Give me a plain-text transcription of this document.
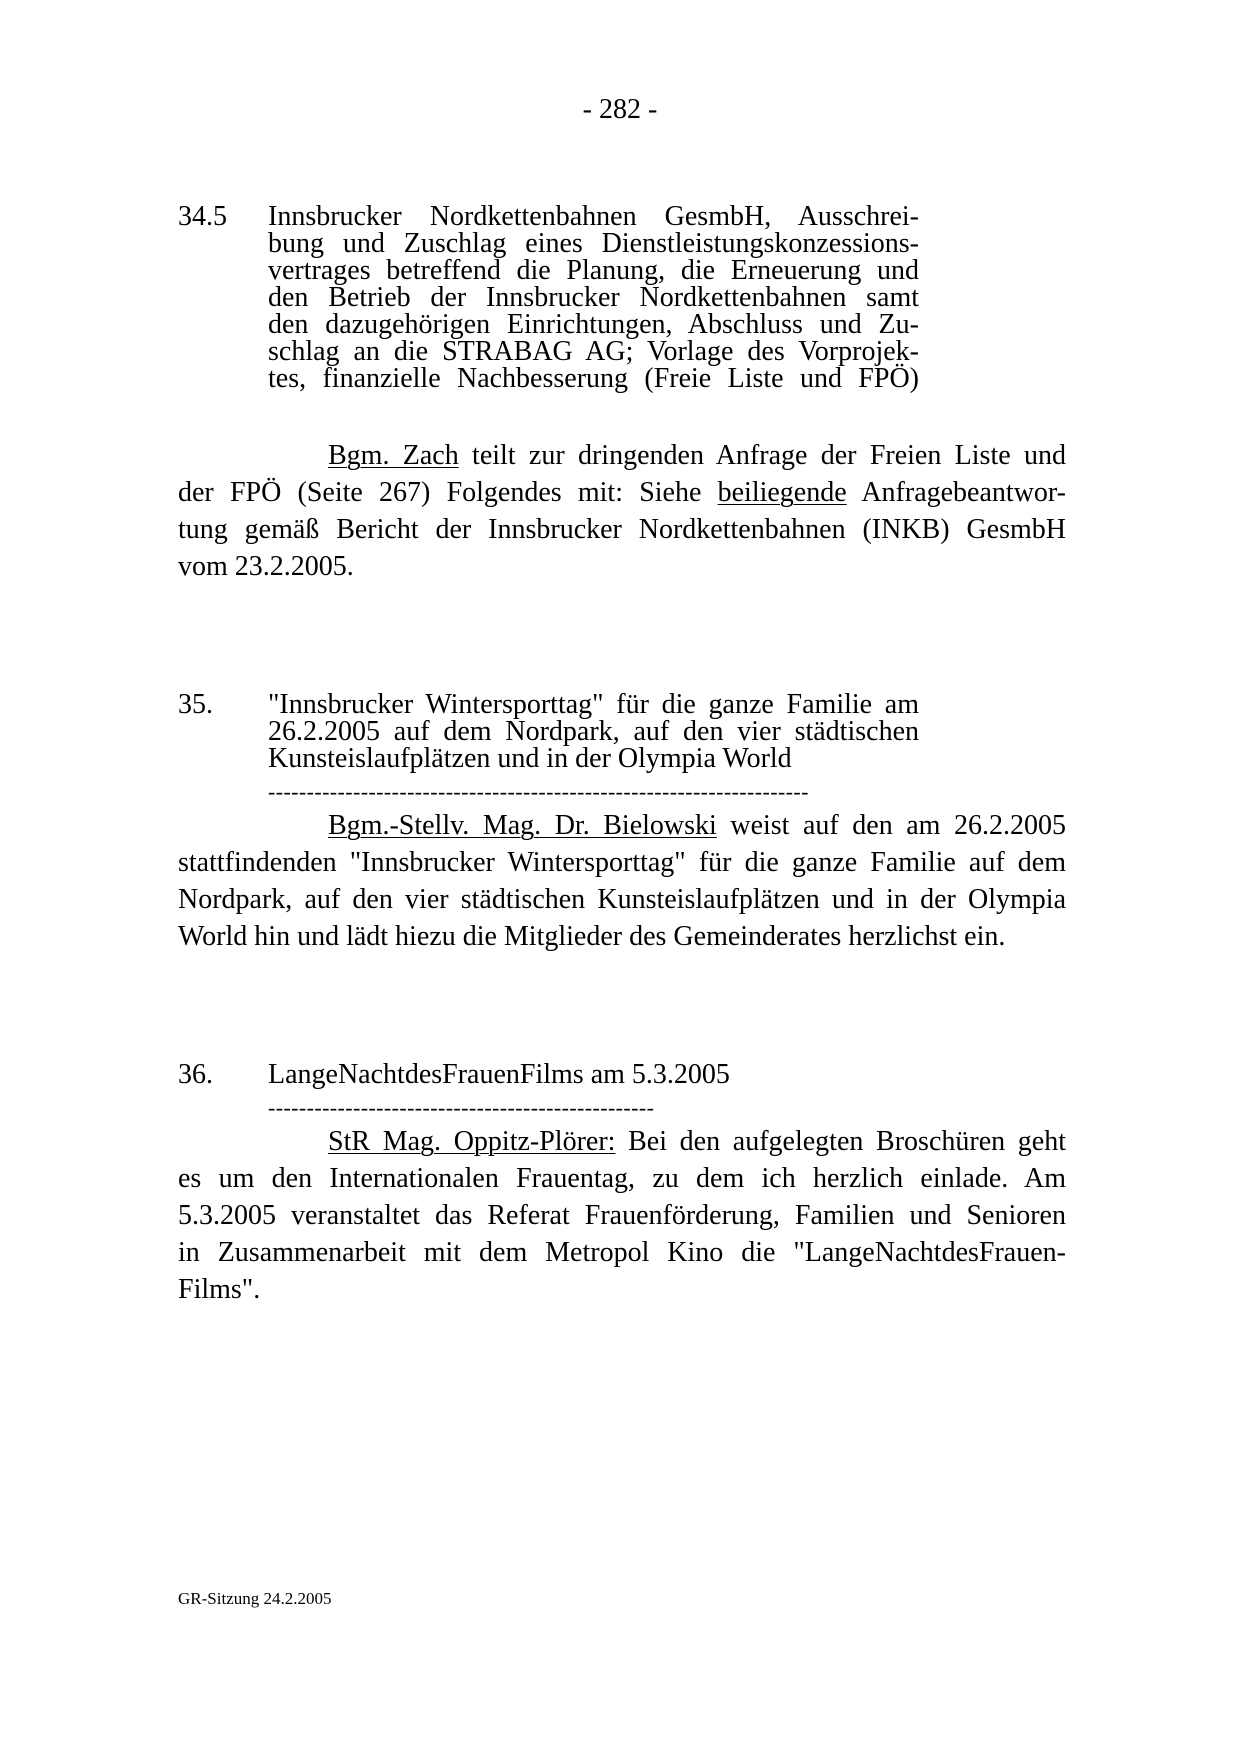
- 282 -
34.5 Innsbrucker Nordkettenbahnen GesmbH, Ausschrei-
bung und Zuschlag eines Dienstleistungskonzessions-
vertrages betreffend die Planung, die Erneuerung und
den Betrieb der Innsbrucker Nordkettenbahnen samt
den dazugehörigen Einrichtungen, Abschluss und Zu-
schlag an die STRABAG AG; Vorlage des Vorprojek-
tes, finanzielle Nachbesserung (Freie Liste und FPÖ)
Bgm. Zach teilt zur dringenden Anfrage der Freien Liste und
der FPÖ (Seite 267) Folgendes mit: Siehe beiliegende Anfragebeantwor-
tung gemäß Bericht der Innsbrucker Nordkettenbahnen (INKB) GesmbH
vom 23.2.2005.
35. "Innsbrucker Wintersporttag" für die ganze Familie am
26.2.2005 auf dem Nordpark, auf den vier städtischen
Kunsteislaufplätzen und in der Olympia World
----------------------------------------------------------------------
Bgm.-Stellv. Mag. Dr. Bielowski weist auf den am 26.2.2005
stattfindenden "Innsbrucker Wintersporttag" für die ganze Familie auf dem
Nordpark, auf den vier städtischen Kunsteislaufplätzen und in der Olympia
World hin und lädt hiezu die Mitglieder des Gemeinderates herzlichst ein.
36. LangeNachtdesFrauenFilms am 5.3.2005
--------------------------------------------------
StR Mag. Oppitz-Plörer: Bei den aufgelegten Broschüren geht
es um den Internationalen Frauentag, zu dem ich herzlich einlade. Am
5.3.2005 veranstaltet das Referat Frauenförderung, Familien und Senioren
in Zusammenarbeit mit dem Metropol Kino die "LangeNachtdesFrauen-
Films".
GR-Sitzung 24.2.2005
